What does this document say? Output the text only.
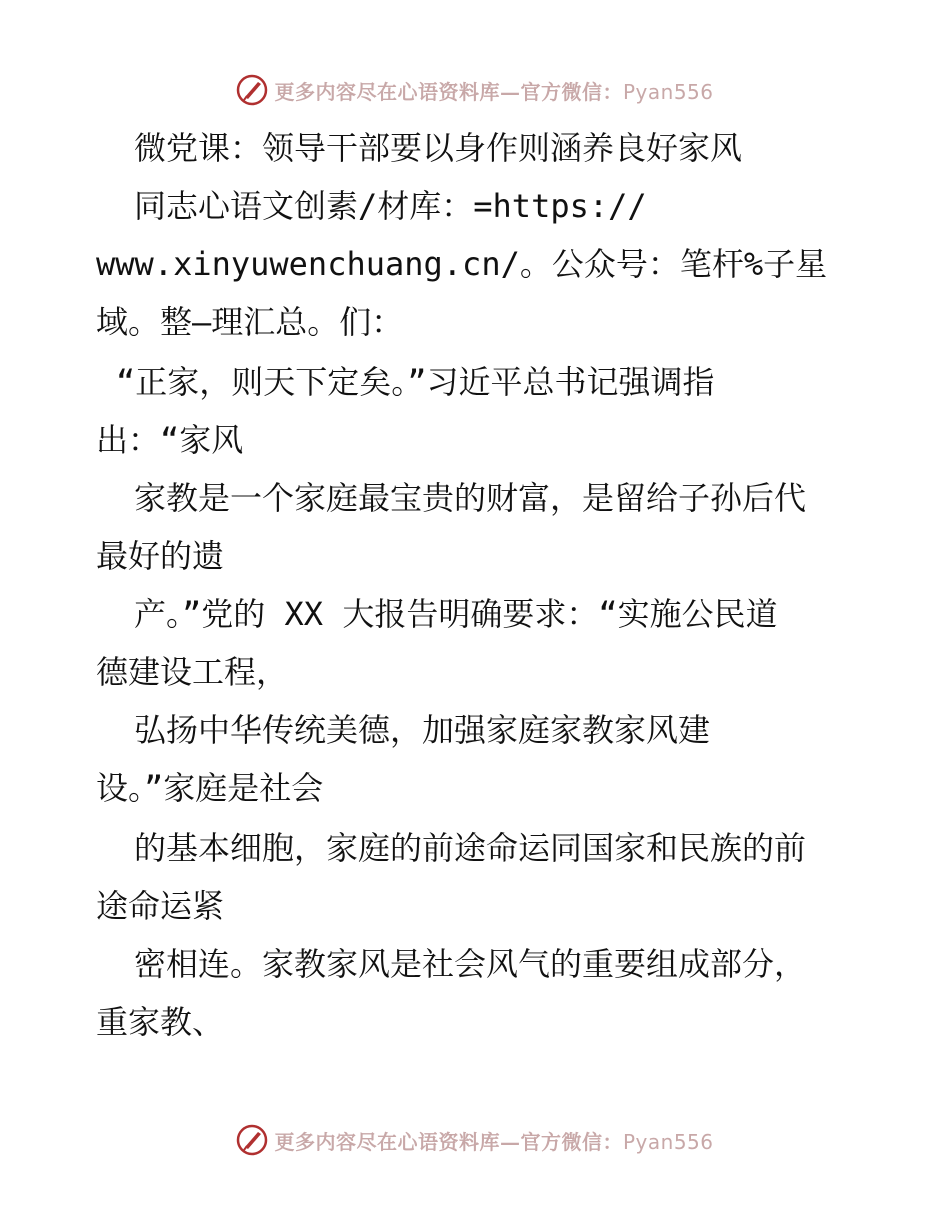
更多内容尽在心语资料库—官方微信：Pyan556
微党课：领导干部要以身作则涵养良好家风
同志心语文创素/材库：=https://
www.xinyuwenchuang.cn/。公众号：笔杆%子星
域。整—理汇总。们：
“正家，则天下定矣。”习近平总书记强调指
出：“家风
家教是一个家庭最宝贵的财富，是留给子孙后代
最好的遗
产。”党的 XX 大报告明确要求：“实施公民道
德建设工程，
弘扬中华传统美德，加强家庭家教家风建
设。”家庭是社会
的基本细胞，家庭的前途命运同国家和民族的前
途命运紧
密相连。家教家风是社会风气的重要组成部分，
重家教、
更多内容尽在心语资料库—官方微信：Pyan556
